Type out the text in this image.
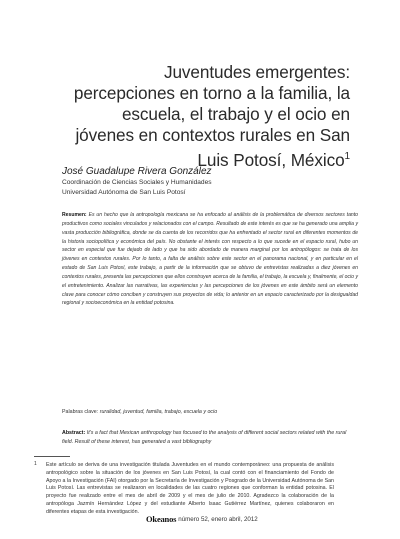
Juventudes emergentes: percepciones en torno a la familia, la escuela, el trabajo y el ocio en jóvenes en contextos rurales en San Luis Potosí, México$^1$
José Guadalupe Rivera González
Coordinación de Ciencias Sociales y Humanidades
Universidad Autónoma de San Luis Potosí
Resumen: Es un hecho que la antropología mexicana se ha enfocado al análisis de la problemática de diversos sectores tanto productivos como sociales vinculados y relacionados con el campo. Resultado de este interés es que se ha generado una amplia y vasta producción bibliográfica, donde se da cuenta de los recorridos que ha enfrentado el sector rural en diferentes momentos de la historia sociopolítica y económica del país. No obstante el interés con respecto a lo que sucede en el espacio rural, hubo un sector en especial que fue dejado de lado y que ha sido abordado de manera marginal por los antropólogos: se trata de los jóvenes en contextos rurales. Por lo tanto, a falta de análisis sobre este sector en el panorama nacional, y en particular en el estado de San Luis Potosí, este trabajo, a partir de la información que se obtuvo de entrevistas realizadas a diez jóvenes en contextos rurales, presenta las percepciones que ellos construyen acerca de la familia, el trabajo, la escuela y, finalmente, el ocio y el entretenimiento. Analizar las narrativas, las experiencias y las percepciones de los jóvenes en este ámbito será un elemento clave para conocer cómo conciben y construyen sus proyectos de vida; lo anterior en un espacio caracterizado por la desigualdad regional y socioeconómica en la entidad potosina.
Palabras clave: ruralidad, juventud, familia, trabajo, escuela y ocio
Abstract: It's a fact that Mexican anthropology has focused to the analysis of different social sectors related with the rural field. Result of these interest, has generated a vast bibliography
1 Este artículo se deriva de una investigación titulada Juventudes en el mundo contemporáneo: una propuesta de análisis antropológico sobre la situación de los jóvenes en San Luis Potosí, la cual contó con el financiamiento del Fondo de Apoyo a la Investigación (FAI) otorgado por la Secretaría de Investigación y Posgrado de la Universidad Autónoma de San Luis Potosí. Las entrevistas se realizaron en localidades de las cuatro regiones que conforman la entidad potosina. El proyecto fue realizado entre el mes de abril de 2009 y el mes de julio de 2010. Agradezco la colaboración de la antropóloga Jazmín Hernández López y del estudiante Alberto Isaac Gutiérrez Martínez, quienes colaboraron en diferentes etapas de esta investigación.
Okeanos número 52, enero abril, 2012
